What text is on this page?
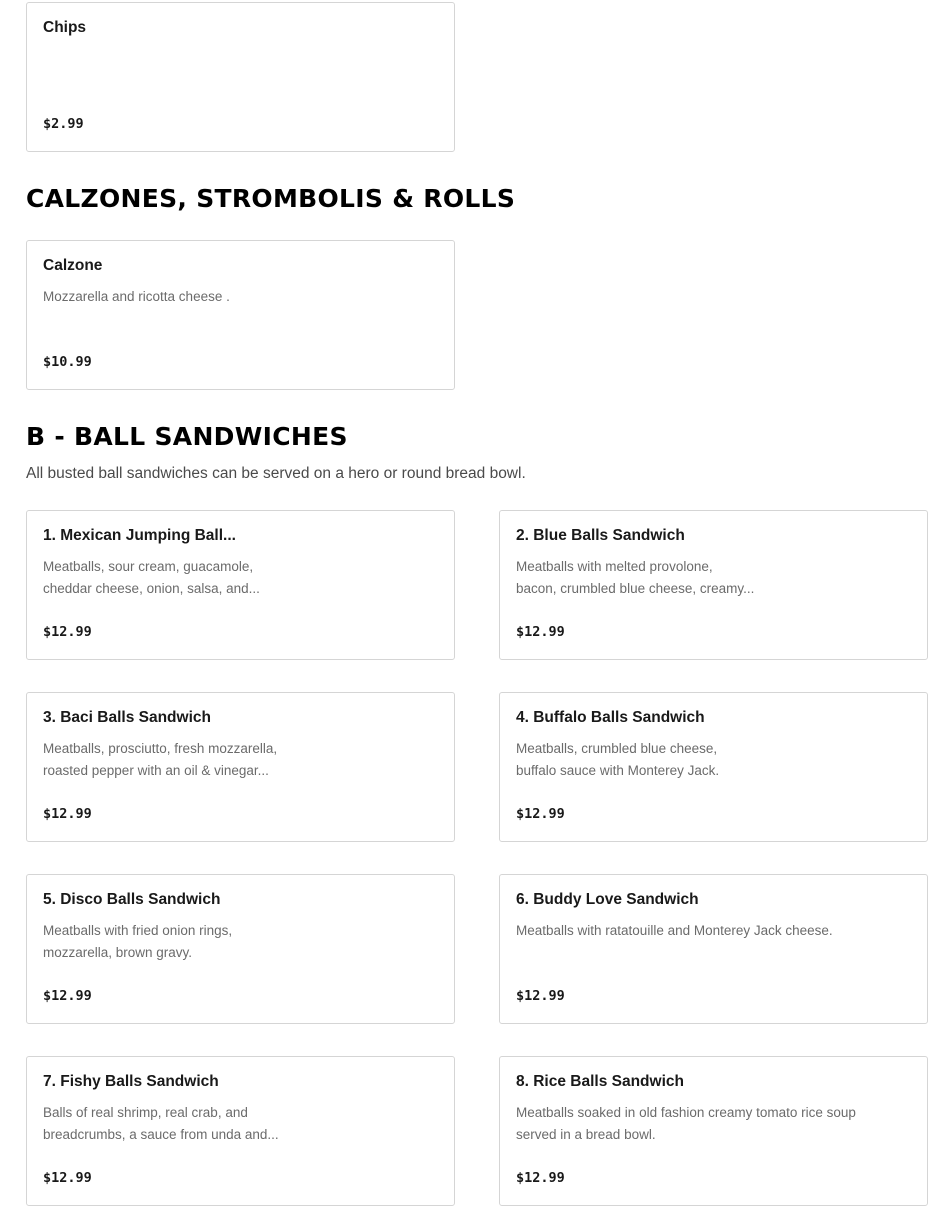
Chips
$2.99
CALZONES, STROMBOLIS & ROLLS
Calzone
Mozzarella and ricotta cheese .
$10.99
B - BALL SANDWICHES

All busted ball sandwiches can be served on a hero or round bread bowl.

1. Mexican Jumping Ball...
Meatballs, sour cream, guacamole,
cheddar cheese, onion, salsa, and...
$12.99
2. Blue Balls Sandwich
Meatballs with melted provolone,
bacon, crumbled blue cheese, creamy...
$12.99
3. Baci Balls Sandwich
Meatballs, prosciutto, fresh mozzarella,
roasted pepper with an oil & vinegar...
$12.99
4. Buffalo Balls Sandwich
Meatballs, crumbled blue cheese,
buffalo sauce with Monterey Jack.
$12.99
5. Disco Balls Sandwich
Meatballs with fried onion rings,
mozzarella, brown gravy.
$12.99
6. Buddy Love Sandwich
Meatballs with ratatouille and Monterey Jack cheese.
$12.99
7. Fishy Balls Sandwich
Balls of real shrimp, real crab, and
breadcrumbs, a sauce from unda and...
$12.99
8. Rice Balls Sandwich
Meatballs soaked in old fashion creamy tomato rice soup
served in a bread bowl.
$12.99
